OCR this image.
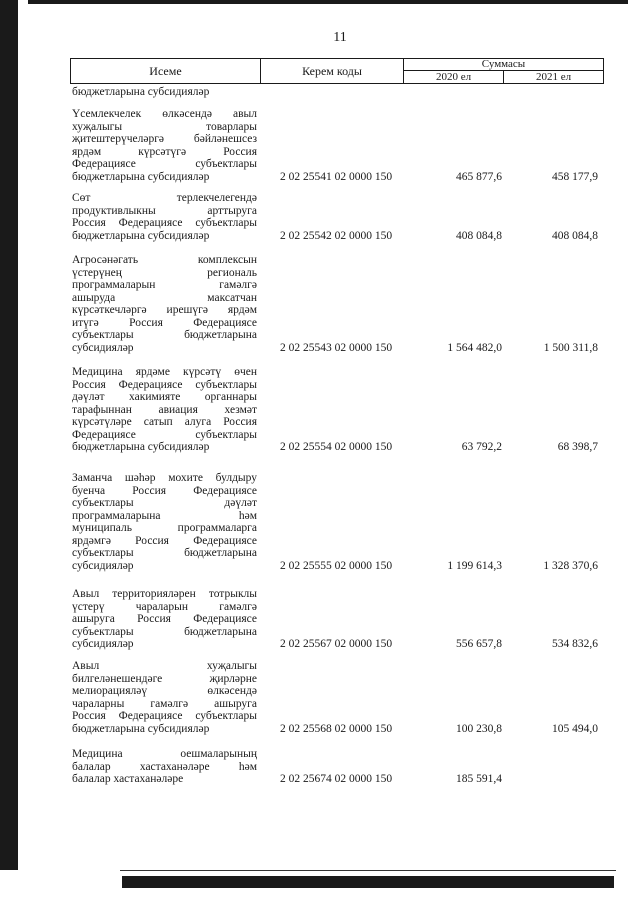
11
Исеме	Керем коды	Суммасы
2020 ел	2021 ел
бюджетларына субсидияләр
Үсемлекчелек өлкәсендә авыл
хуҗалыгы товарлары
җитештерүчеләргә бәйләнешсез
ярдәм күрсәтүгә Россия
Федерациясе субъектлары
бюджетларына субсидияләр	2 02 25541 02 0000 150	465 877,6	458 177,9
Сөт терлекчелегендә
продуктивлыкны арттыруга
Россия Федерациясе субъектлары
бюджетларына субсидияләр	2 02 25542 02 0000 150	408 084,8	408 084,8
Агросәнәгать комплексын
үстерүнең региональ
программаларын гамәлгә
ашыруда максатчан
күрсәткечләргә ирешүгә ярдәм
итүгә Россия Федерациясе
субъектлары бюджетларына
субсидияләр	2 02 25543 02 0000 150	1 564 482,0	1 500 311,8
Медицина ярдәме күрсәтү өчен
Россия Федерациясе субъектлары
дәүләт хакимияте органнары
тарафыннан авиация хезмәт
күрсәтүләре сатып алуга Россия
Федерациясе субъектлары
бюджетларына субсидияләр	2 02 25554 02 0000 150	63 792,2	68 398,7
Заманча шәһәр мохите булдыру
буенча Россия Федерациясе
субъектлары дәүләт
программаларына һәм
муниципаль программаларга
ярдәмгә Россия Федерациясе
субъектлары бюджетларына
субсидияләр	2 02 25555 02 0000 150	1 199 614,3	1 328 370,6
Авыл территорияләрен тотрыклы
үстерү чараларын гамәлгә
ашыруга Россия Федерациясе
субъектлары бюджетларына
субсидияләр	2 02 25567 02 0000 150	556 657,8	534 832,6
Авыл хуҗалыгы
билгеләнешендәге җирләрне
мелиорацияләү өлкәсендә
чараларны гамәлгә ашыруга
Россия Федерациясе субъектлары
бюджетларына субсидияләр	2 02 25568 02 0000 150	100 230,8	105 494,0
Медицина оешмаларының
балалар хастаханәләре һәм
балалар хастаханәләре	2 02 25674 02 0000 150	185 591,4
